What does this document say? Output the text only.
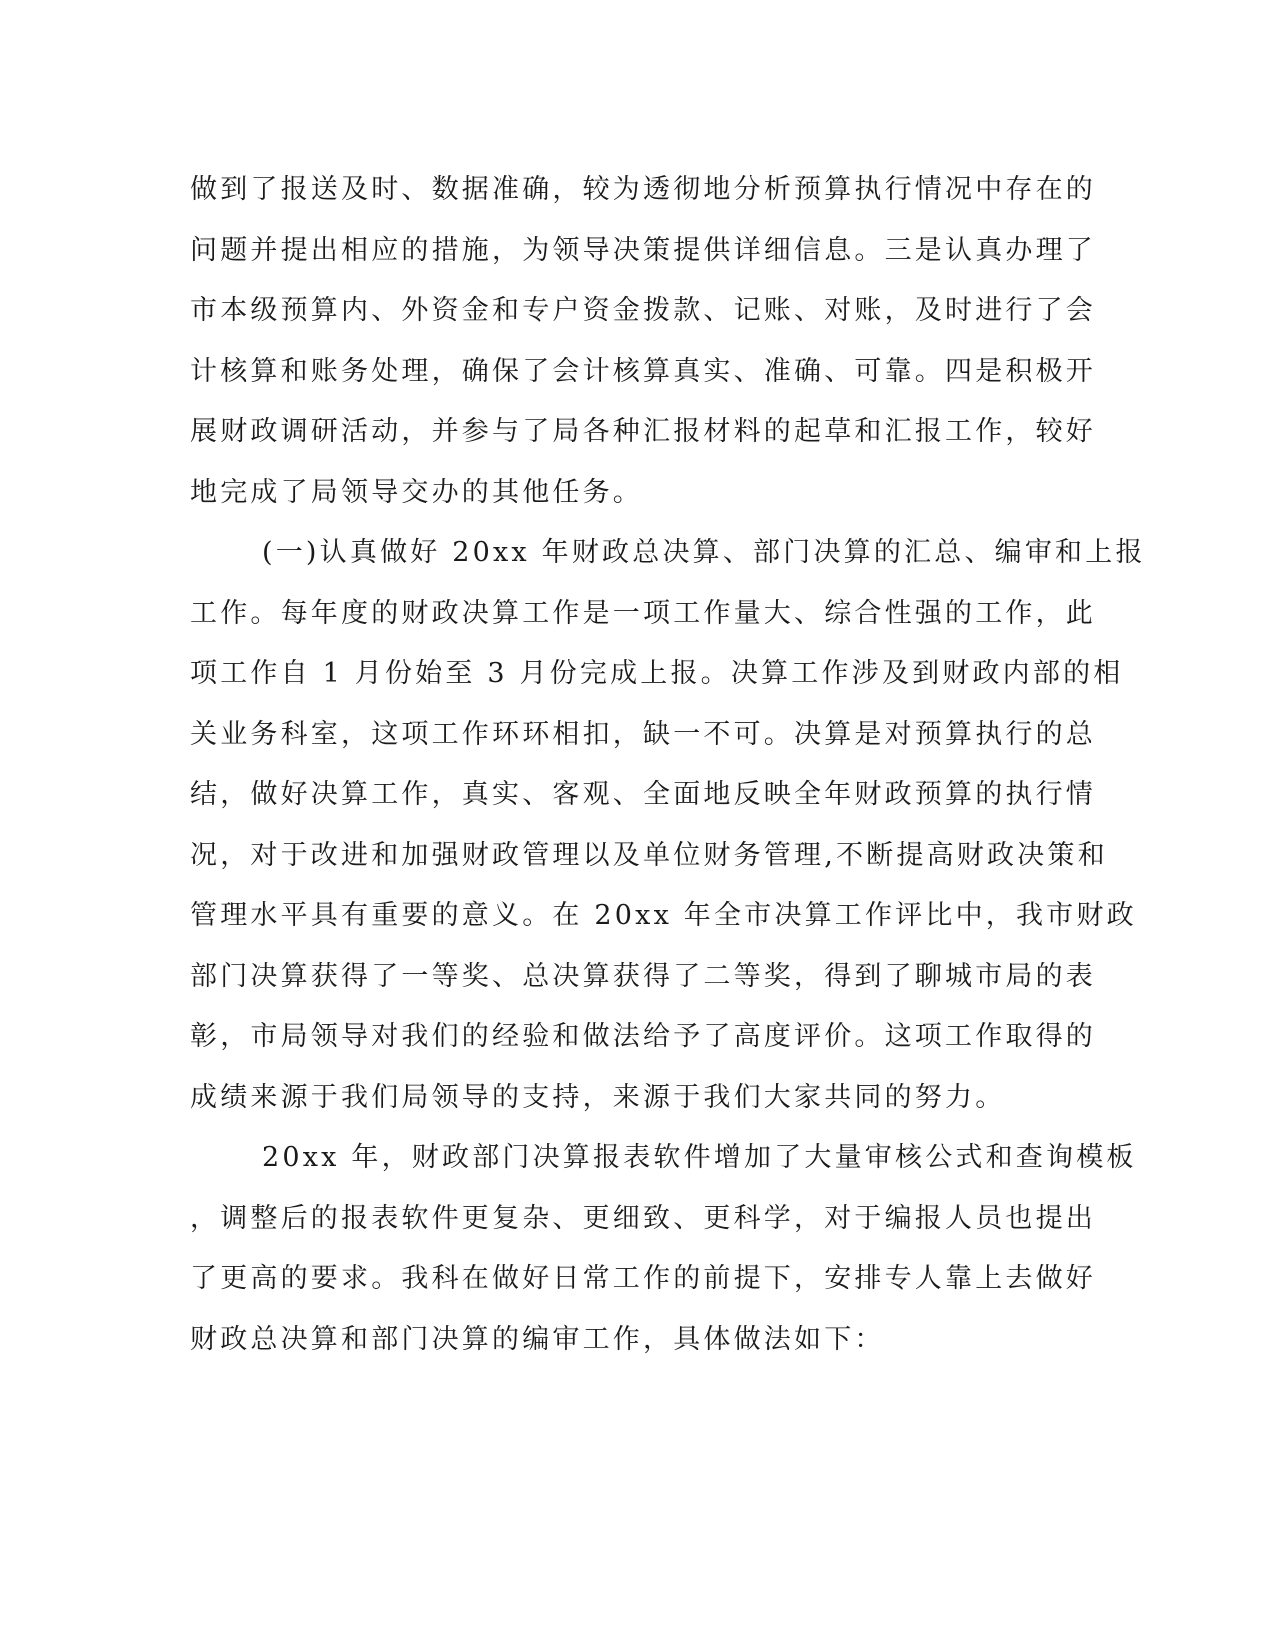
做到了报送及时、数据准确，较为透彻地分析预算执行情况中存在的
问题并提出相应的措施，为领导决策提供详细信息。三是认真办理了
市本级预算内、外资金和专户资金拨款、记账、对账，及时进行了会
计核算和账务处理，确保了会计核算真实、准确、可靠。四是积极开
展财政调研活动，并参与了局各种汇报材料的起草和汇报工作，较好
地完成了局领导交办的其他任务。
(一)认真做好 20xx 年财政总决算、部门决算的汇总、编审和上报
工作。每年度的财政决算工作是一项工作量大、综合性强的工作，此
项工作自 1 月份始至 3 月份完成上报。决算工作涉及到财政内部的相
关业务科室，这项工作环环相扣，缺一不可。决算是对预算执行的总
结，做好决算工作，真实、客观、全面地反映全年财政预算的执行情
况，对于改进和加强财政管理以及单位财务管理,不断提高财政决策和
管理水平具有重要的意义。在 20xx 年全市决算工作评比中，我市财政
部门决算获得了一等奖、总决算获得了二等奖，得到了聊城市局的表
彰，市局领导对我们的经验和做法给予了高度评价。这项工作取得的
成绩来源于我们局领导的支持，来源于我们大家共同的努力。
20xx 年，财政部门决算报表软件增加了大量审核公式和查询模板
，调整后的报表软件更复杂、更细致、更科学，对于编报人员也提出
了更高的要求。我科在做好日常工作的前提下，安排专人靠上去做好
财政总决算和部门决算的编审工作，具体做法如下：
